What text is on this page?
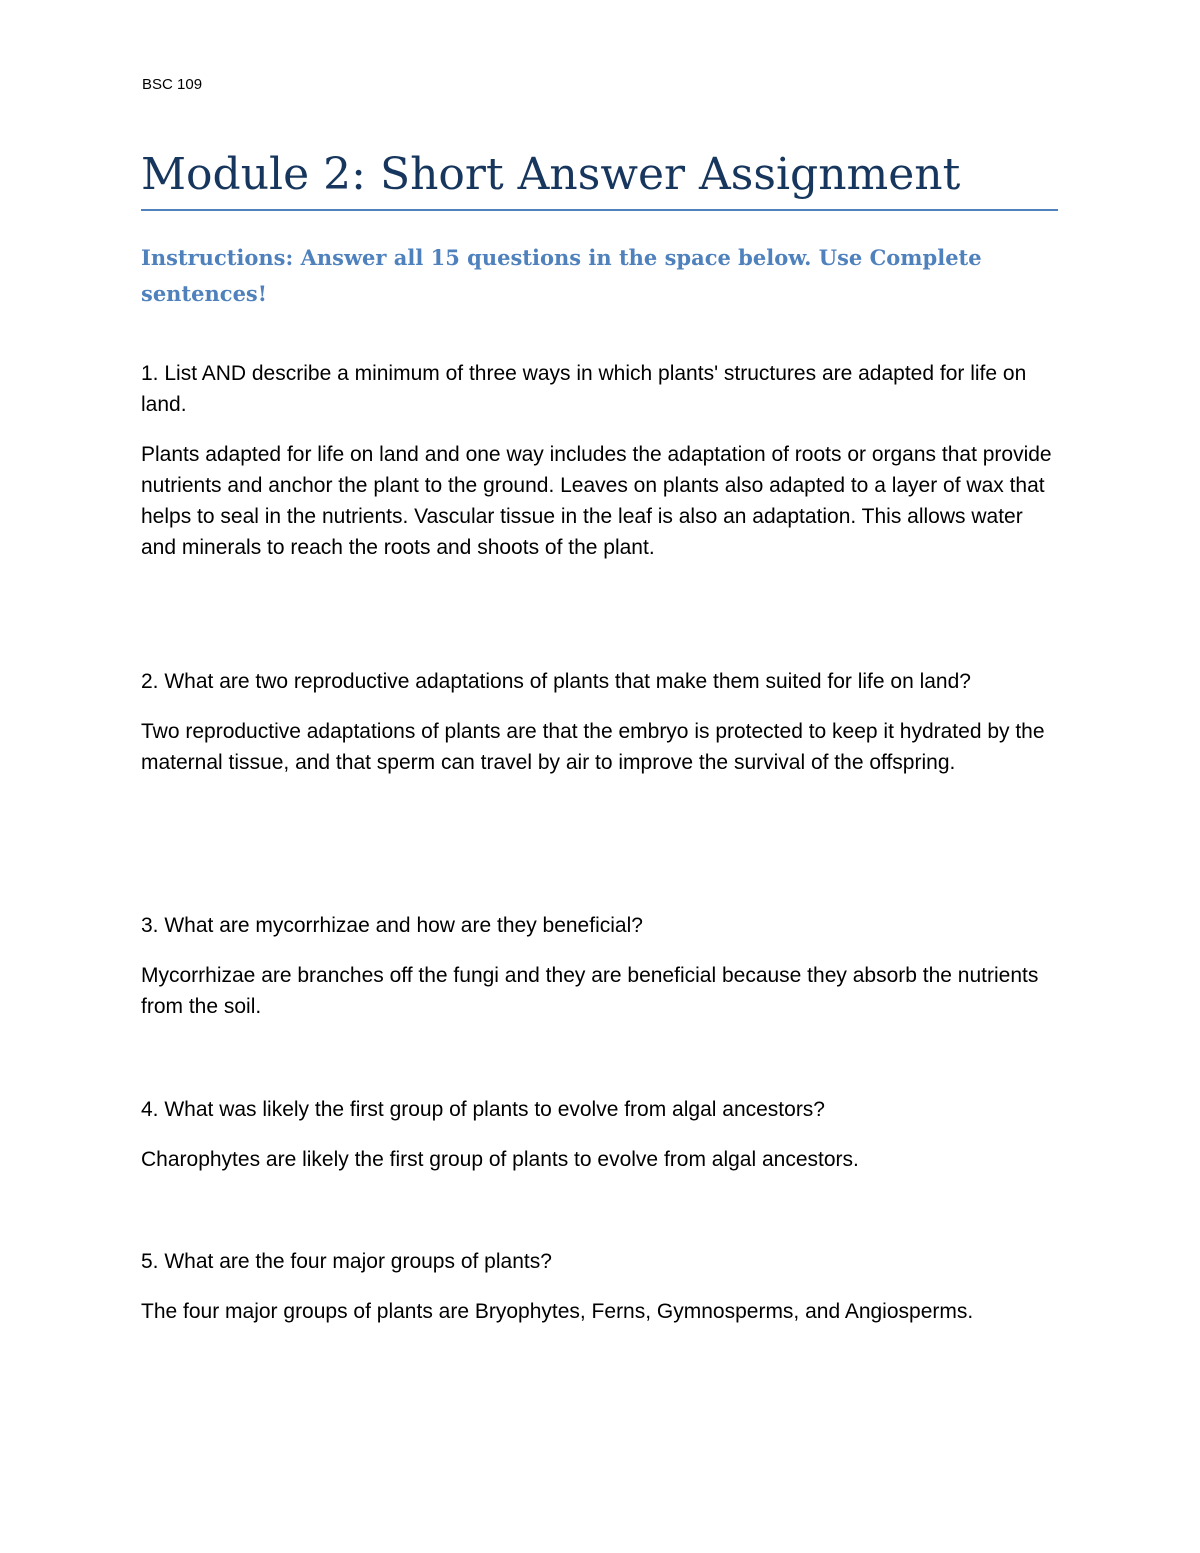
BSC 109
Module 2: Short Answer Assignment

Instructions: Answer all 15 questions in the space below. Use Complete sentences!

1. List AND describe a minimum of three ways in which plants' structures are adapted for life on land.

Plants adapted for life on land and one way includes the adaptation of roots or organs that provide nutrients and anchor the plant to the ground. Leaves on plants also adapted to a layer of wax that helps to seal in the nutrients. Vascular tissue in the leaf is also an adaptation. This allows water and minerals to reach the roots and shoots of the plant.

2. What are two reproductive adaptations of plants that make them suited for life on land?

Two reproductive adaptations of plants are that the embryo is protected to keep it hydrated by the maternal tissue, and that sperm can travel by air to improve the survival of the offspring.

3. What are mycorrhizae and how are they beneficial?

Mycorrhizae are branches off the fungi and they are beneficial because they absorb the nutrients from the soil.

4. What was likely the first group of plants to evolve from algal ancestors?

Charophytes are likely the first group of plants to evolve from algal ancestors.

5. What are the four major groups of plants?

The four major groups of plants are Bryophytes, Ferns, Gymnosperms, and Angiosperms.
